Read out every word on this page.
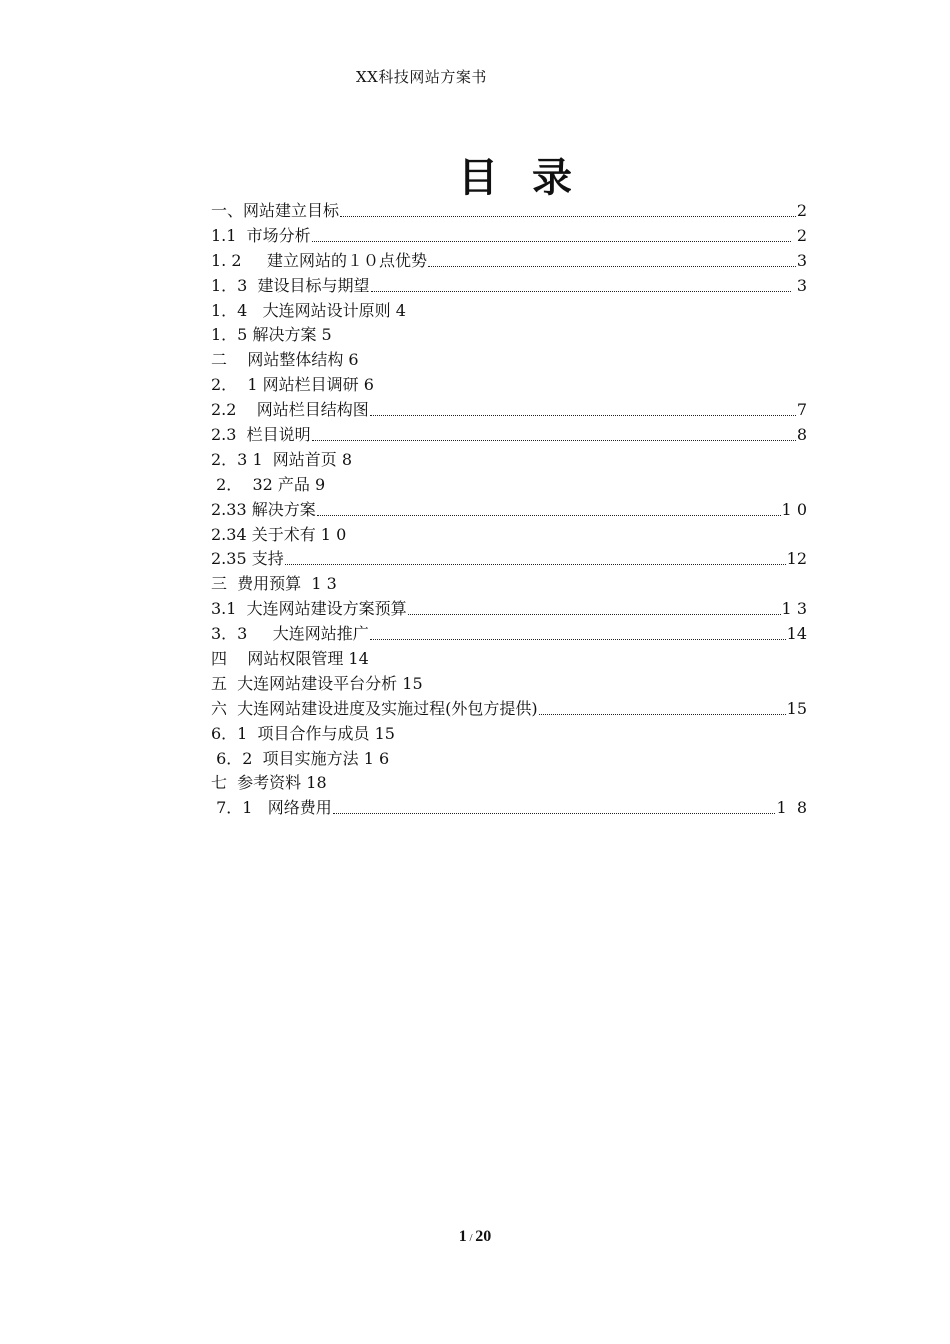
XX科技网站方案书
目 录
一、网站建立目标	2
1.1  市场分析	2
1. 2     建立网站的１０点优势	3
1．3  建设目标与期望	3
1．4   大连网站设计原则 4
1．5 解决方案 5
二    网站整体结构 6
2．  1 网站栏目调研 6
2.2    网站栏目结构图	7
2.3  栏目说明	8
2．3 1  网站首页 8
2．  32 产品 9
2.33 解决方案	1 0
2.34 关于术有 1 0
2.35 支持	12
三  费用预算  1 3
3.1  大连网站建设方案预算	1 3
3．3     大连网站推广	14
四    网站权限管理 14
五  大连网站建设平台分析 15
六  大连网站建设进度及实施过程(外包方提供)	15
6．1  项目合作与成员 15
6．2  项目实施方法 1 6
七  参考资料 18
7．1   网络费用	1  8
1 / 20
